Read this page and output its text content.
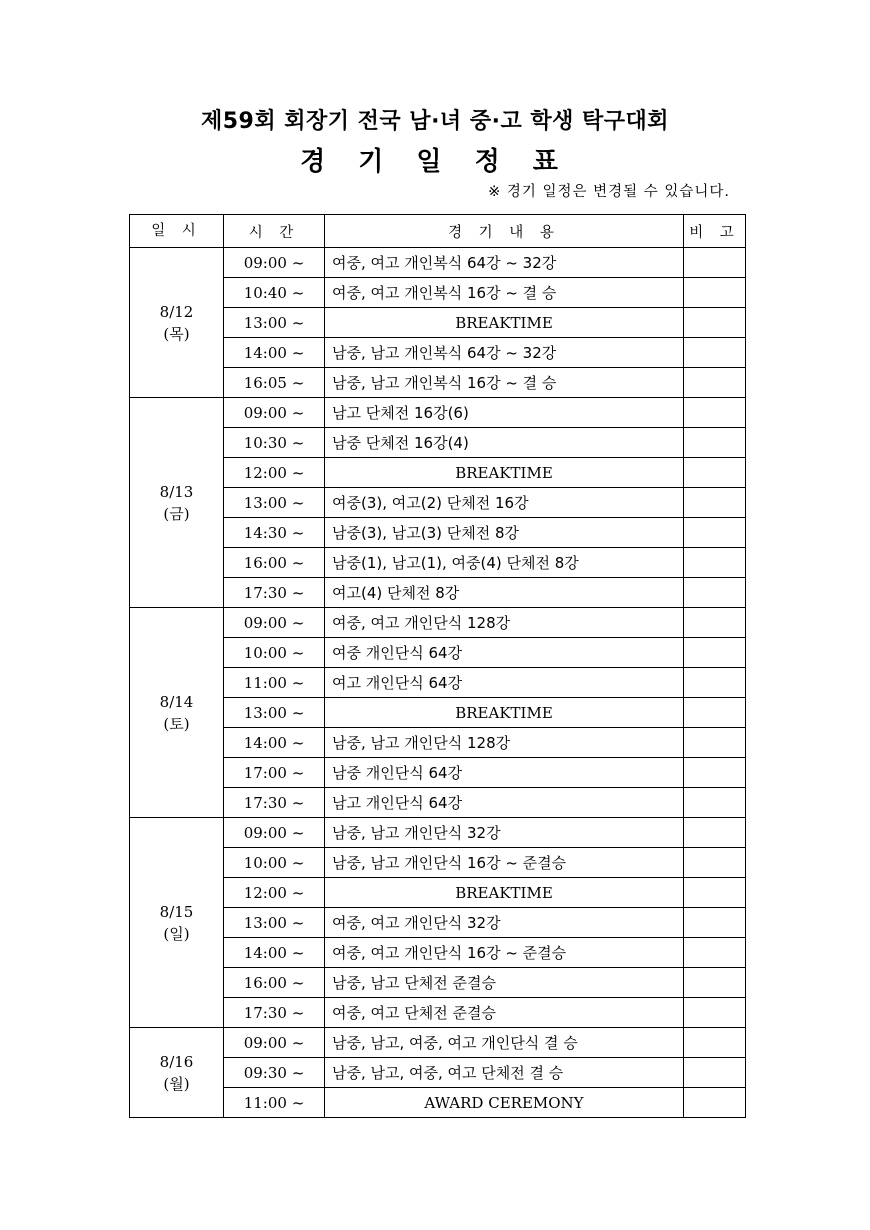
제59회 회장기 전국 남·녀 중·고 학생 탁구대회
경 기 일 정 표
※ 경기 일정은 변경될 수 있습니다.
일 시	시 간	경 기 내 용	비 고

8/12
(목)	09:00 ~	여중, 여고 개인복식 64강 ~ 32강	
	10:40 ~	여중, 여고 개인복식 16강 ~ 결 승	
	13:00 ~	BREAKTIME	
	14:00 ~	남중, 남고 개인복식 64강 ~ 32강	
	16:05 ~	남중, 남고 개인복식 16강 ~ 결 승	

8/13
(금)	09:00 ~	남고 단체전 16강(6)	
	10:30 ~	남중 단체전 16강(4)	
	12:00 ~	BREAKTIME	
	13:00 ~	여중(3), 여고(2) 단체전 16강	
	14:30 ~	남중(3), 남고(3) 단체전 8강	
	16:00 ~	남중(1), 남고(1), 여중(4) 단체전 8강	
	17:30 ~	여고(4) 단체전 8강	

8/14
(토)	09:00 ~	여중, 여고 개인단식 128강	
	10:00 ~	여중 개인단식 64강	
	11:00 ~	여고 개인단식 64강	
	13:00 ~	BREAKTIME	
	14:00 ~	남중, 남고 개인단식 128강	
	17:00 ~	남중 개인단식 64강	
	17:30 ~	남고 개인단식 64강	

8/15
(일)	09:00 ~	남중, 남고 개인단식 32강	
	10:00 ~	남중, 남고 개인단식 16강 ~ 준결승	
	12:00 ~	BREAKTIME	
	13:00 ~	여중, 여고 개인단식 32강	
	14:00 ~	여중, 여고 개인단식 16강 ~ 준결승	
	16:00 ~	남중, 남고 단체전 준결승	
	17:30 ~	여중, 여고 단체전 준결승	

8/16
(월)	09:00 ~	남중, 남고, 여중, 여고 개인단식 결 승	
	09:30 ~	남중, 남고, 여중, 여고 단체전 결 승	
	11:00 ~	AWARD CEREMONY	
